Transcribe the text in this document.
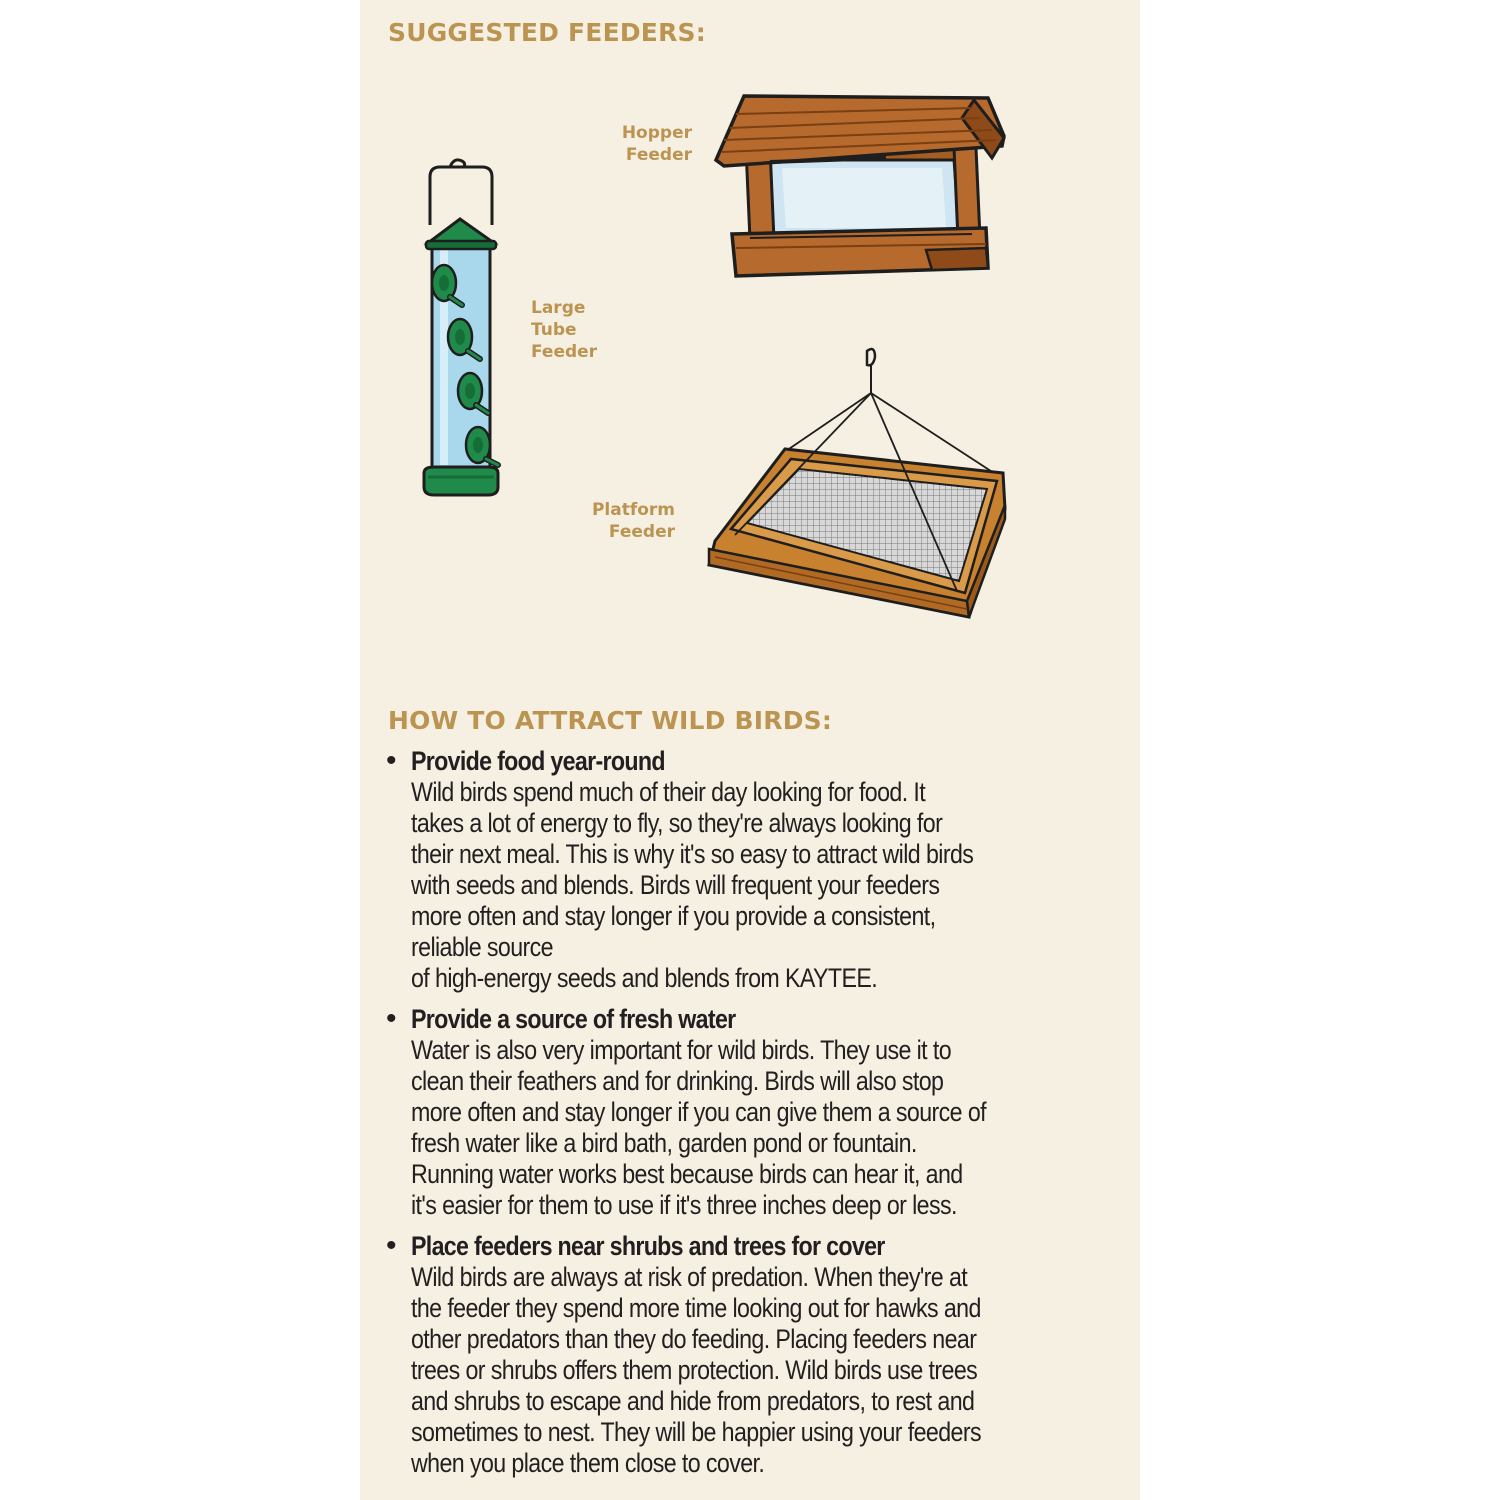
SUGGESTED FEEDERS:

Hopper
Feeder

Large
Tube
Feeder

Platform
Feeder

HOW TO ATTRACT WILD BIRDS:
• Provide food year-round

Wild birds spend much of their day looking for food. It
takes a lot of energy to fly, so they're always looking for
their next meal. This is why it's so easy to attract wild birds
with seeds and blends. Birds will frequent your feeders
more often and stay longer if you provide a consistent,
reliable source
of high-energy seeds and blends from KAYTEE.

• Provide a source of fresh water

Water is also very important for wild birds. They use it to
clean their feathers and for drinking. Birds will also stop
more often and stay longer if you can give them a source of
fresh water like a bird bath, garden pond or fountain.
Running water works best because birds can hear it, and
it's easier for them to use if it's three inches deep or less.

• Place feeders near shrubs and trees for cover

Wild birds are always at risk of predation. When they're at
the feeder they spend more time looking out for hawks and
other predators than they do feeding. Placing feeders near
trees or shrubs offers them protection. Wild birds use trees
and shrubs to escape and hide from predators, to rest and
sometimes to nest. They will be happier using your feeders
when you place them close to cover.
